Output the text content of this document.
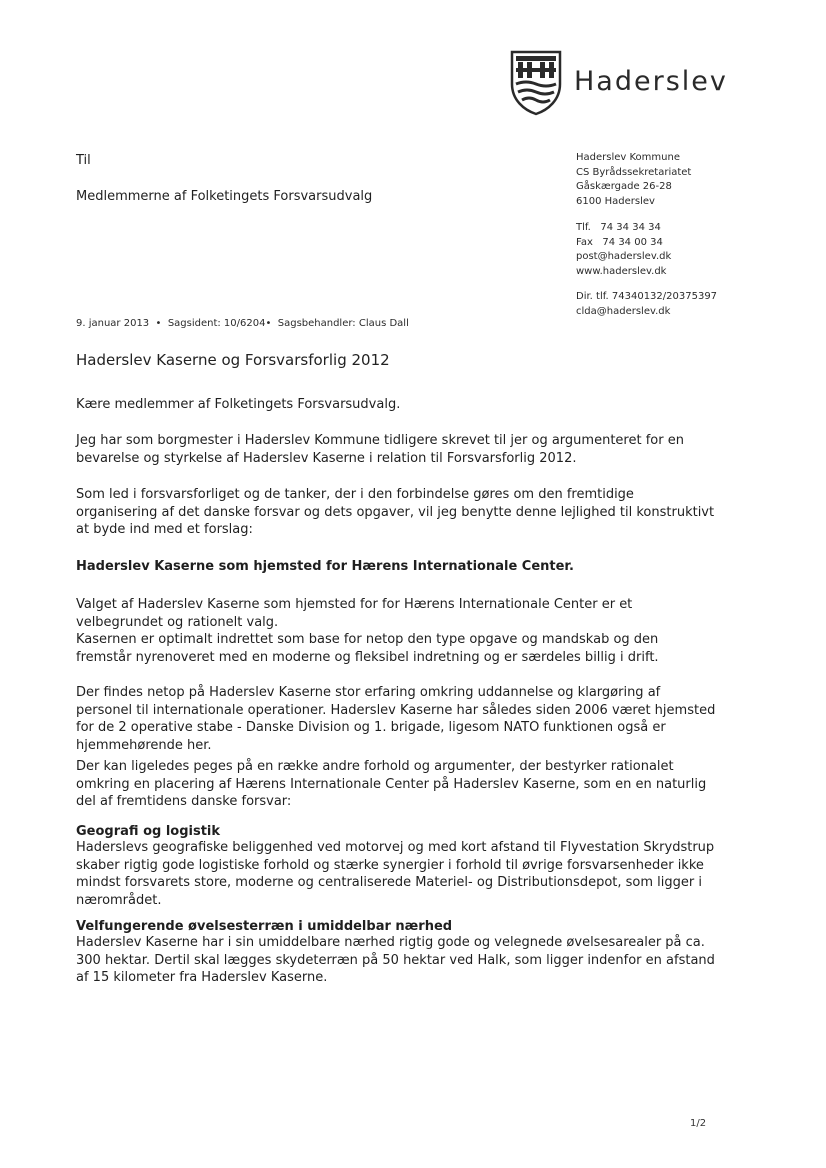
Haderslev
Til
Medlemmerne af Folketingets Forsvarsudvalg
Haderslev Kommune
CS Byrådssekretariatet
Gåskærgade 26-28
6100 Haderslev
Tlf.   74 34 34 34
Fax   74 34 00 34
post@haderslev.dk
www.haderslev.dk
Dir. tlf. 74340132/20375397
clda@haderslev.dk
9. januar 2013  •  Sagsident: 10/6204•  Sagsbehandler: Claus Dall
Haderslev Kaserne og Forsvarsforlig 2012
Kære medlemmer af Folketingets Forsvarsudvalg.
Jeg har som borgmester i Haderslev Kommune tidligere skrevet til jer og argumenteret for en bevarelse og styrkelse af Haderslev Kaserne i relation til Forsvarsforlig 2012.
Som led i forsvarsforliget og de tanker, der i den forbindelse gøres om den fremtidige organisering af det danske forsvar og dets opgaver, vil jeg benytte denne lejlighed til konstruktivt at byde ind med et forslag:
Haderslev Kaserne som hjemsted for Hærens Internationale Center.

Valget af Haderslev Kaserne som hjemsted for for Hærens Internationale Center er et velbegrundet og rationelt valg.

Kasernen er optimalt indrettet som base for netop den type opgave og mandskab og den fremstår nyrenoveret med en moderne og fleksibel indretning og er særdeles billig i drift.

Der findes netop på Haderslev Kaserne stor erfaring omkring uddannelse og klargøring af personel til internationale operationer. Haderslev Kaserne har således siden 2006 været hjemsted for de 2 operative stabe - Danske Division og 1. brigade, ligesom NATO funktionen også er hjemmehørende her.
Der kan ligeledes peges på en række andre forhold og argumenter, der bestyrker rationalet omkring en placering af Hærens Internationale Center på Haderslev Kaserne, som en en naturlig del af fremtidens danske forsvar:
Geografi og logistik
Haderslevs geografiske beliggenhed ved motorvej og med kort afstand til Flyvestation Skrydstrup skaber rigtig gode logistiske forhold og stærke synergier i forhold til øvrige forsvarsenheder ikke mindst forsvarets store, moderne og centraliserede Materiel- og Distributionsdepot, som ligger i nærområdet.
Velfungerende øvelsesterræn i umiddelbar nærhed
Haderslev Kaserne har i sin umiddelbare nærhed rigtig gode og velegnede øvelsesarealer på ca. 300 hektar. Dertil skal lægges skydeterræn på 50 hektar ved Halk, som ligger indenfor en afstand af 15 kilometer fra Haderslev Kaserne.
1/2
